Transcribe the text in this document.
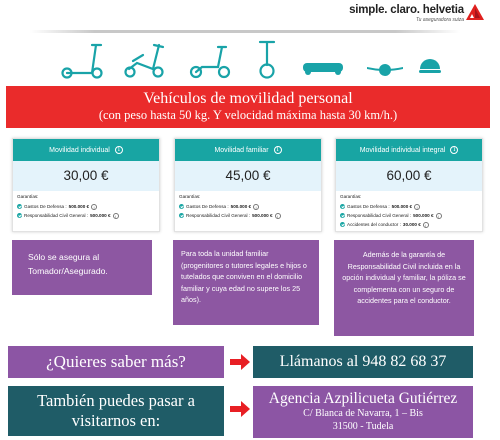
simple. claro. helvetia
Tu aseguradora suiza
Vehículos de movilidad personal
(con peso hasta 50 kg. Y velocidad máxima hasta 30 km/h.)
Movilidad individual	i
30,00 €
Garantías:
Gastos De Defensa : 500.000 €	i
Responsabilidad Civil General : 500.000 €	i
Movilidad familiar	i
45,00 €
Garantías:
Gastos De Defensa : 500.000 €	i
Responsabilidad Civil General : 500.000 €	i
Movilidad individual integral	i
60,00 €
Garantías:
Gastos De Defensa : 500.000 €	i
Responsabilidad Civil General : 500.000 €	i
Accidentes del conductor : 30.000 €	i

Sólo se asegura al Tomador/Asegurado.

Para toda la unidad familiar (progenitores o tutores legales e hijos o tutelados que conviven en el domicilio familiar y cuya edad no supere los 25 años).

Además de la garantía de Responsabilidad Civil incluida en la opción individual y familiar, la póliza se complementa con un seguro de accidentes para el conductor.

¿Quieres saber más?	Llámanos al 948 82 68 37
También puedes pasar a visitarnos en:
Agencia Azpilicueta Gutiérrez
C/ Blanca de Navarra, 1 – Bis
31500 - Tudela
